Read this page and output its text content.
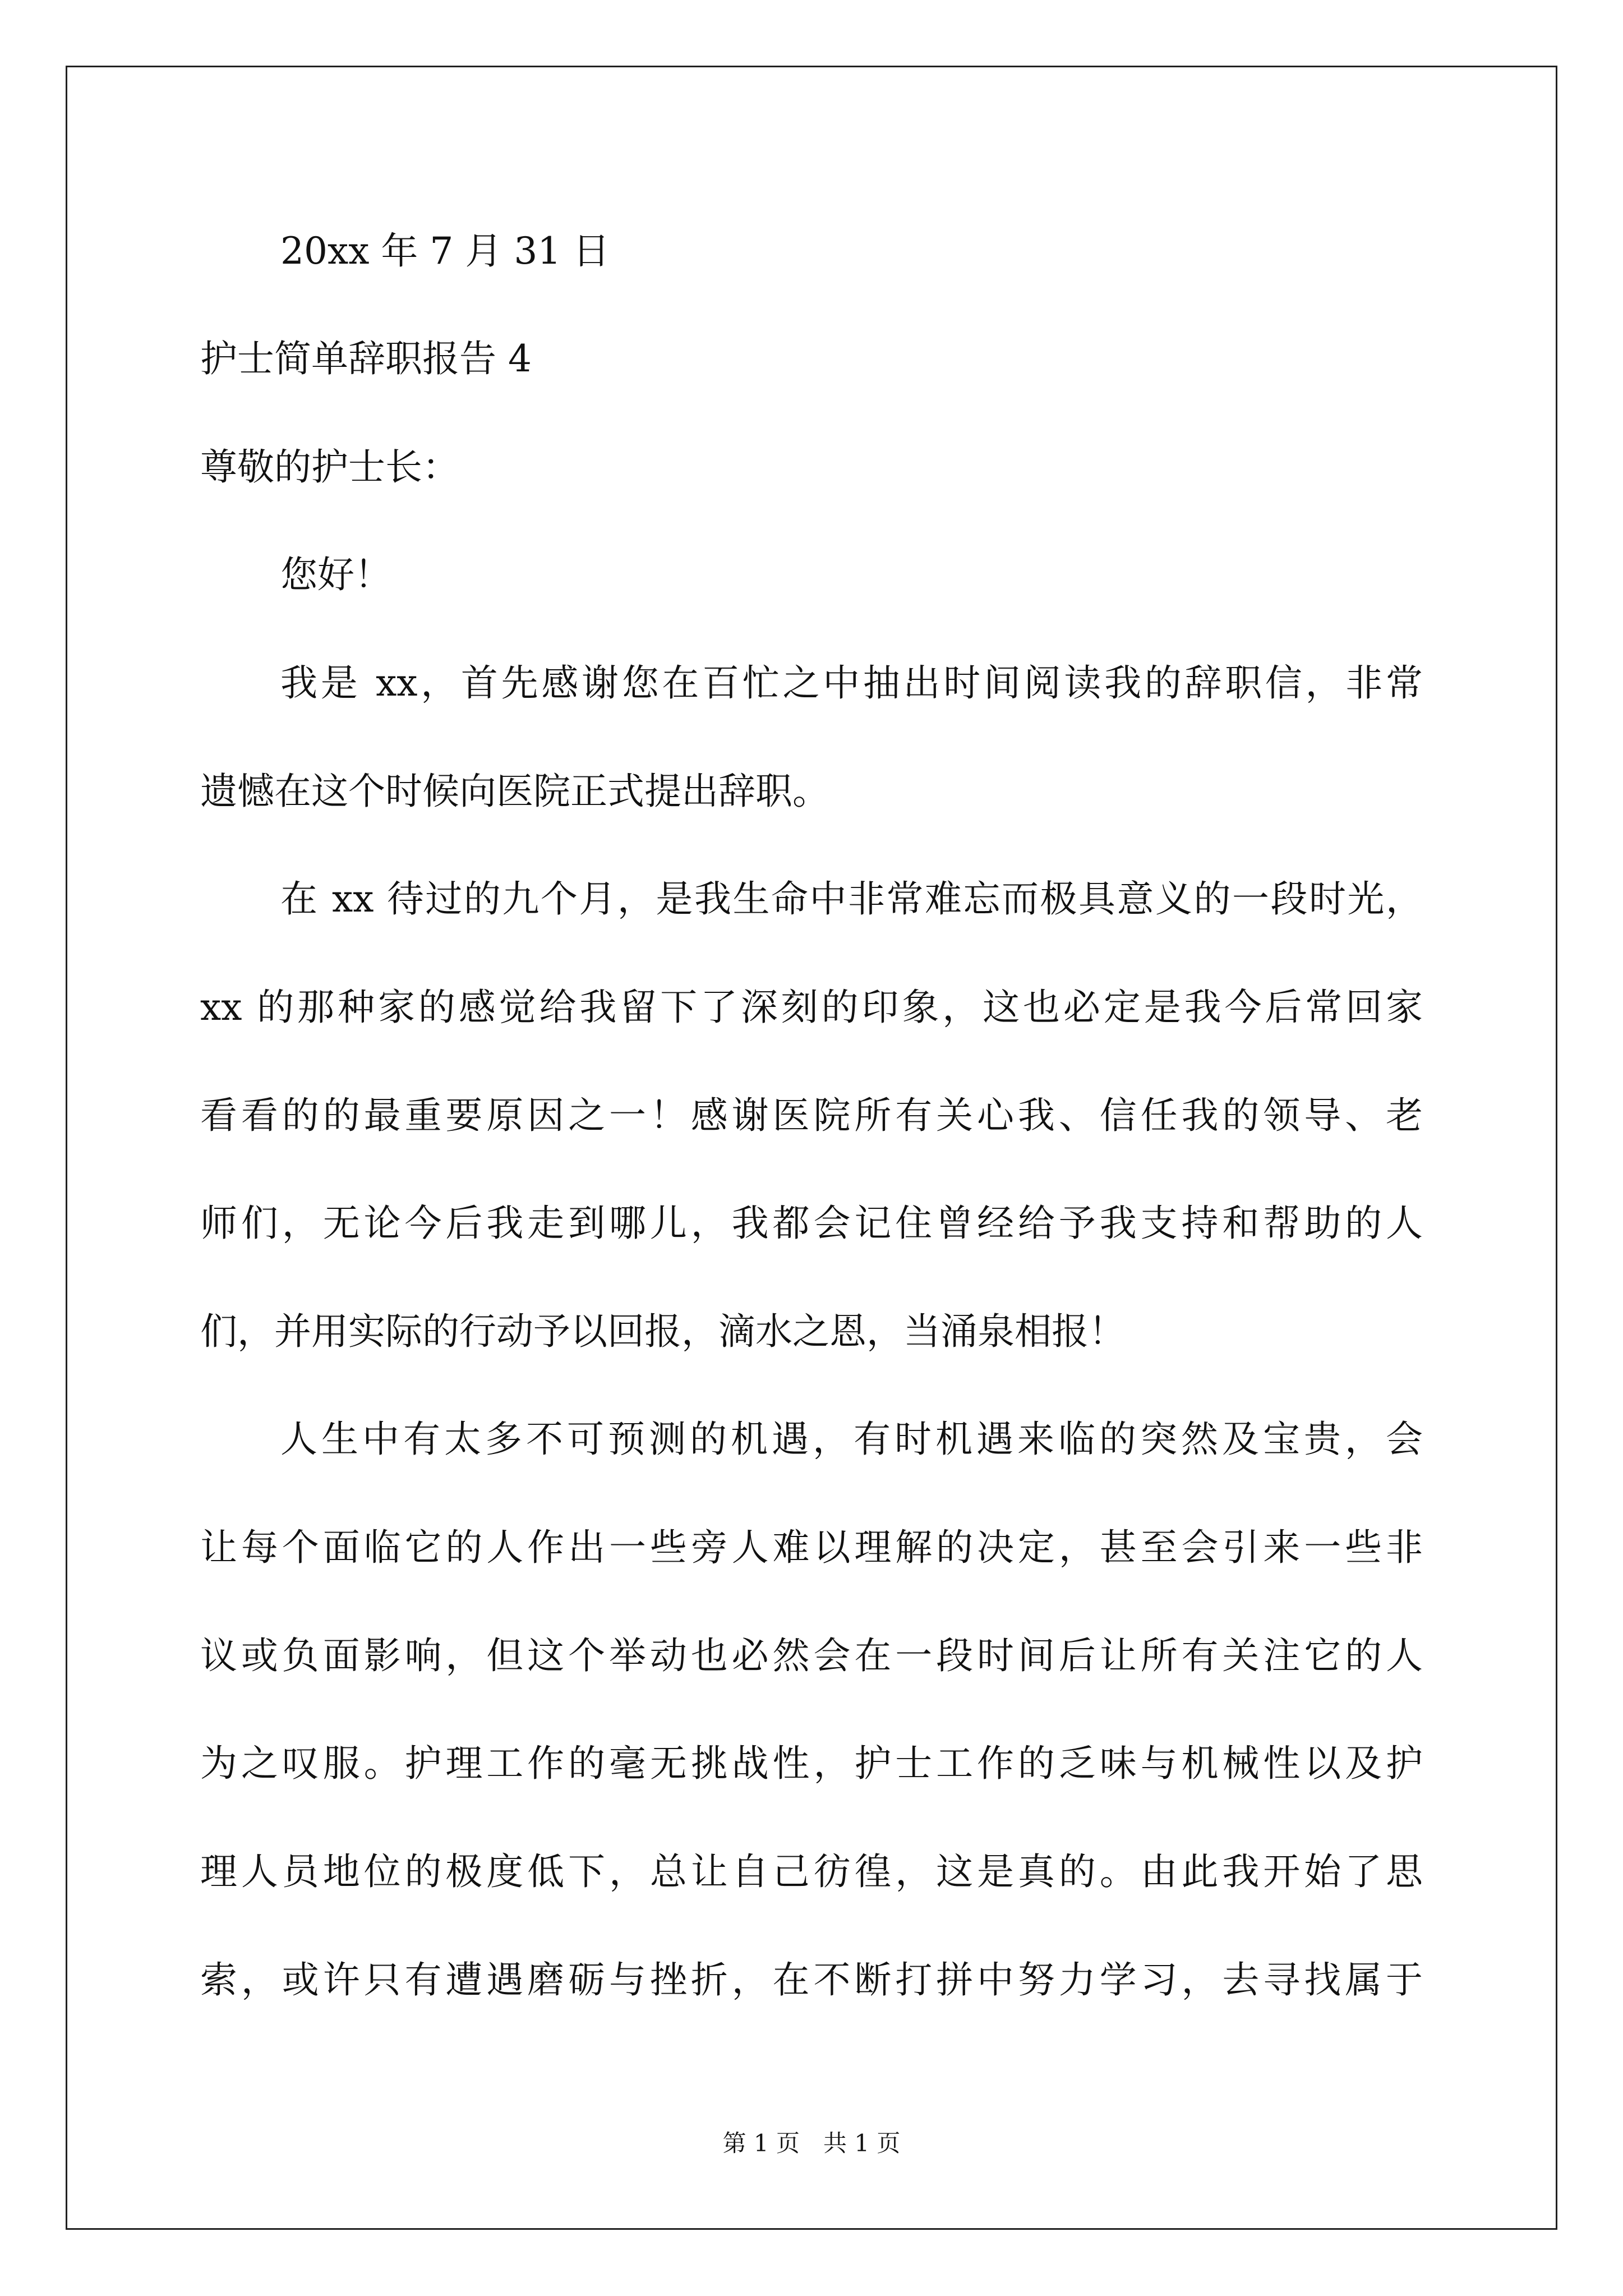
20xx 年 7 月 31 日
护士简单辞职报告 4
尊敬的护士长：
您好！
我是 xx，首先感谢您在百忙之中抽出时间阅读我的辞职信，非常
遗憾在这个时候向医院正式提出辞职。
在 xx 待过的九个月，是我生命中非常难忘而极具意义的一段时光，
xx 的那种家的感觉给我留下了深刻的印象，这也必定是我今后常回家
看看的的最重要原因之一！感谢医院所有关心我、信任我的领导、老
师们，无论今后我走到哪儿，我都会记住曾经给予我支持和帮助的人
们，并用实际的行动予以回报，滴水之恩，当涌泉相报！
人生中有太多不可预测的机遇，有时机遇来临的突然及宝贵，会
让每个面临它的人作出一些旁人难以理解的决定，甚至会引来一些非
议或负面影响，但这个举动也必然会在一段时间后让所有关注它的人
为之叹服。护理工作的毫无挑战性，护士工作的乏味与机械性以及护
理人员地位的极度低下，总让自己彷徨，这是真的。由此我开始了思
索，或许只有遭遇磨砺与挫折，在不断打拼中努力学习，去寻找属于
第 1 页　共 1 页
